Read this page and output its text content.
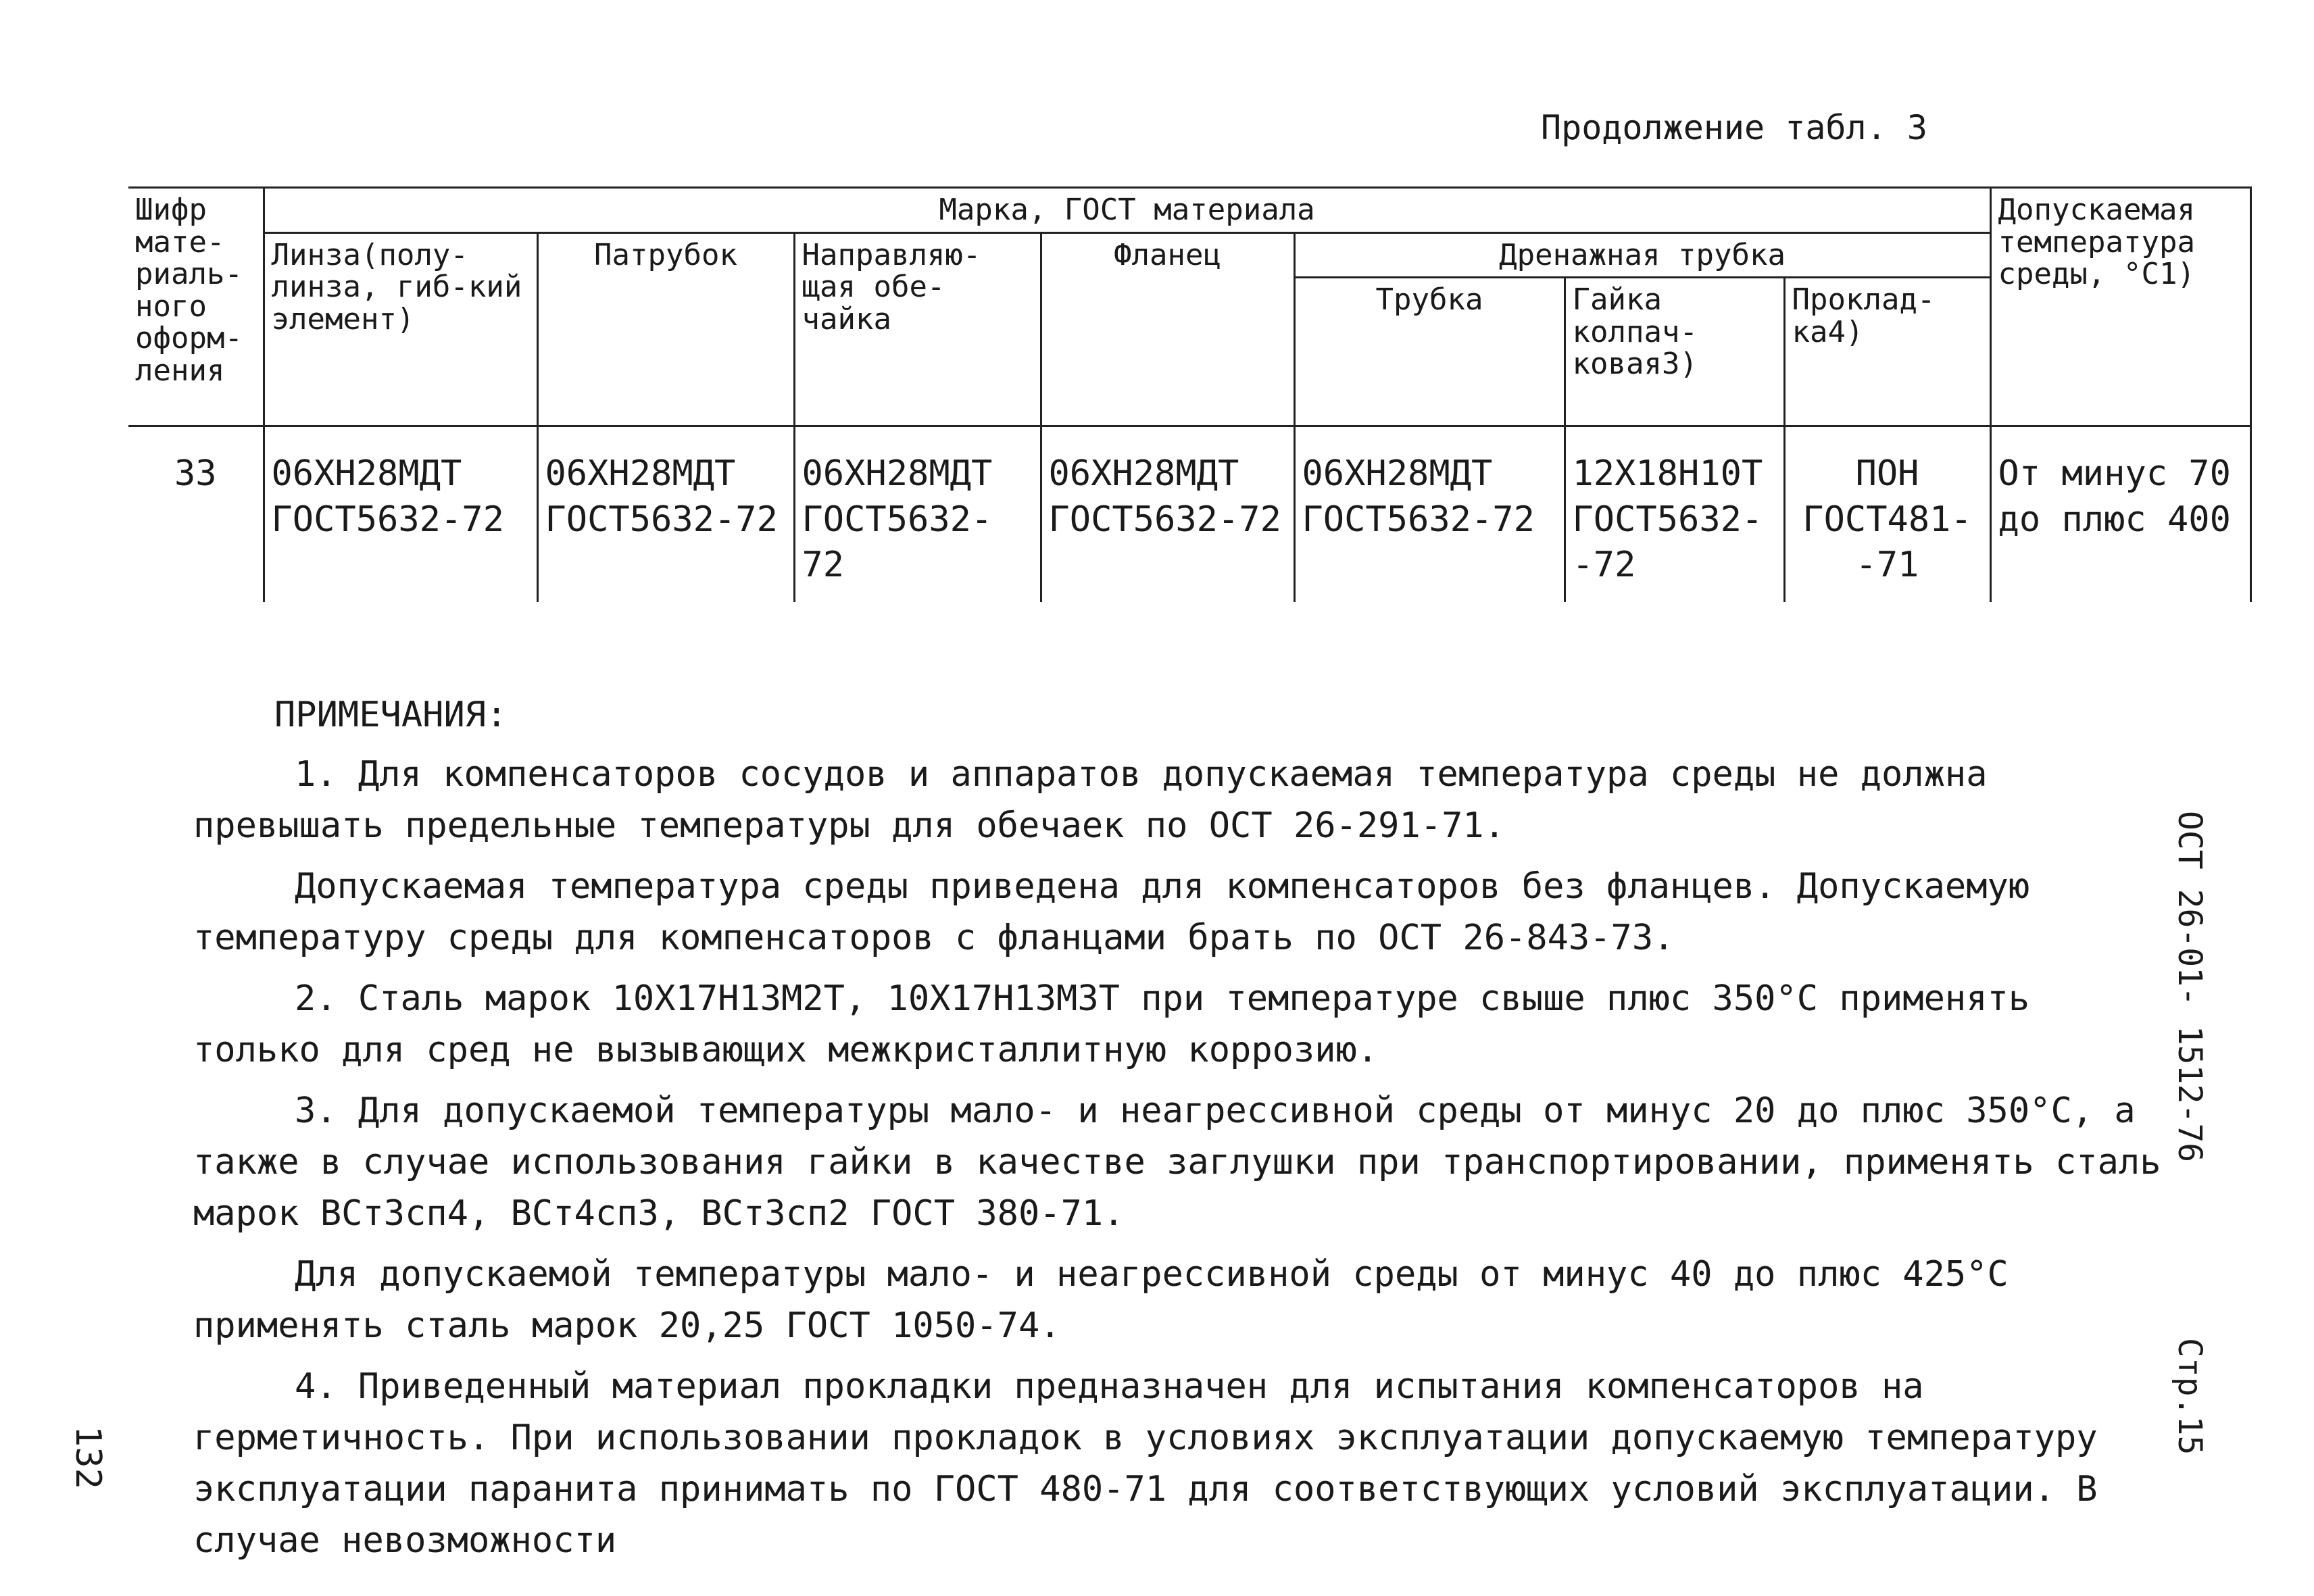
Продолжение табл. 3
Шифр мате-риаль-ного оформ-ления	Марка, ГОСТ материала							Допускаемая температура среды, °С1)
	Линза(полу-линза, гиб-кий элемент)	Патрубок	Направляю-щая обе-чайка	Фланец	Дренажная трубка			
					Трубка	Гайка колпач-ковая3)	Проклад-ка4)	
33	06ХН28МДТ ГОСТ5632-72	06ХН28МДТ ГОСТ5632-72	06ХН28МДТ ГОСТ5632-72	06ХН28МДТ ГОСТ5632-72	06ХН28МДТ ГОСТ5632-72	12Х18Н10Т ГОСТ5632- -72	ПОН ГОСТ481- -71	От минус 70 до плюс 400
ПРИМЕЧАНИЯ:

1. Для компенсаторов сосудов и аппаратов допускаемая температура среды не должна превышать предельные температуры для обечаек по ОСТ 26-291-71.

Допускаемая температура среды приведена для компенсаторов без фланцев. Допускаемую температуру среды для компенсаторов с фланцами брать по ОСТ 26-843-73.

2. Сталь марок 10Х17Н13М2Т, 10Х17Н13М3Т при температуре свыше плюс 350°С применять только для сред не вызывающих межкристаллитную коррозию.

3. Для допускаемой температуры мало- и неагрессивной среды от минус 20 до плюс 350°С, а также в случае использования гайки в качестве заглушки при транспортировании, применять сталь марок ВСт3сп4, ВСт4сп3, ВСт3сп2 ГОСТ 380-71.

Для допускаемой температуры мало- и неагрессивной среды от минус 40 до плюс 425°С применять сталь марок 20,25 ГОСТ 1050-74.

4. Приведенный материал прокладки предназначен для испытания компенсаторов на герметичность. При использовании прокладок в условиях эксплуатации допускаемую температуру эксплуатации паранита принимать по ГОСТ 480-71 для соответствующих условий эксплуатации. В случае невозможности

ОСТ 26-01- 1512-76
Стр.15
132
